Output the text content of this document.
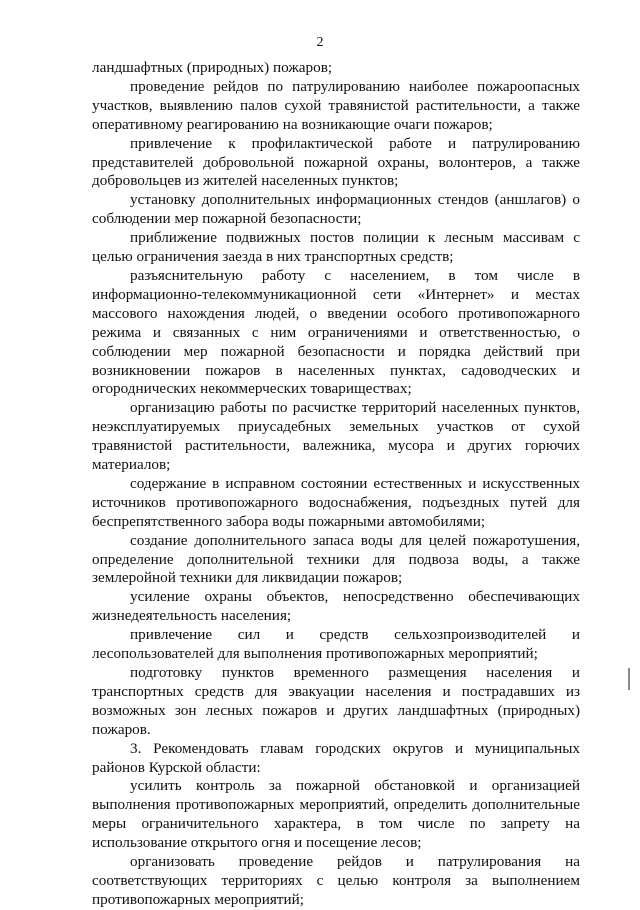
2

ландшафтных (природных) пожаров;

проведение рейдов по патрулированию наиболее пожароопасных участков, выявлению палов сухой травянистой растительности, а также оперативному реагированию на возникающие очаги пожаров;

привлечение к профилактической работе и патрулированию представителей добровольной пожарной охраны, волонтеров, а также добровольцев из жителей населенных пунктов;

установку дополнительных информационных стендов (аншлагов) о соблюдении мер пожарной безопасности;

приближение подвижных постов полиции к лесным массивам с целью ограничения заезда в них транспортных средств;

разъяснительную работу с населением, в том числе в информационно-телекоммуникационной сети «Интернет» и местах массового нахождения людей, о введении особого противопожарного режима и связанных с ним ограничениями и ответственностью, о соблюдении мер пожарной безопасности и порядка действий при возникновении пожаров в населенных пунктах, садоводческих и огороднических некоммерческих товариществах;

организацию работы по расчистке территорий населенных пунктов, неэксплуатируемых приусадебных земельных участков от сухой травянистой растительности, валежника, мусора и других горючих материалов;

содержание в исправном состоянии естественных и искусственных источников противопожарного водоснабжения, подъездных путей для беспрепятственного забора воды пожарными автомобилями;

создание дополнительного запаса воды для целей пожаротушения, определение дополнительной техники для подвоза воды, а также землеройной техники для ликвидации пожаров;

усиление охраны объектов, непосредственно обеспечивающих жизнедеятельность населения;

привлечение сил и средств сельхозпроизводителей и лесопользователей для выполнения противопожарных мероприятий;

подготовку пунктов временного размещения населения и транспортных средств для эвакуации населения и пострадавших из возможных зон лесных пожаров и других ландшафтных (природных) пожаров.

3. Рекомендовать главам городских округов и муниципальных районов Курской области:

усилить контроль за пожарной обстановкой и организацией выполнения противопожарных мероприятий, определить дополнительные меры ограничительного характера, в том числе по запрету на использование открытого огня и посещение лесов;

организовать проведение рейдов и патрулирования на соответствующих территориях с целью контроля за выполнением противопожарных мероприятий;
